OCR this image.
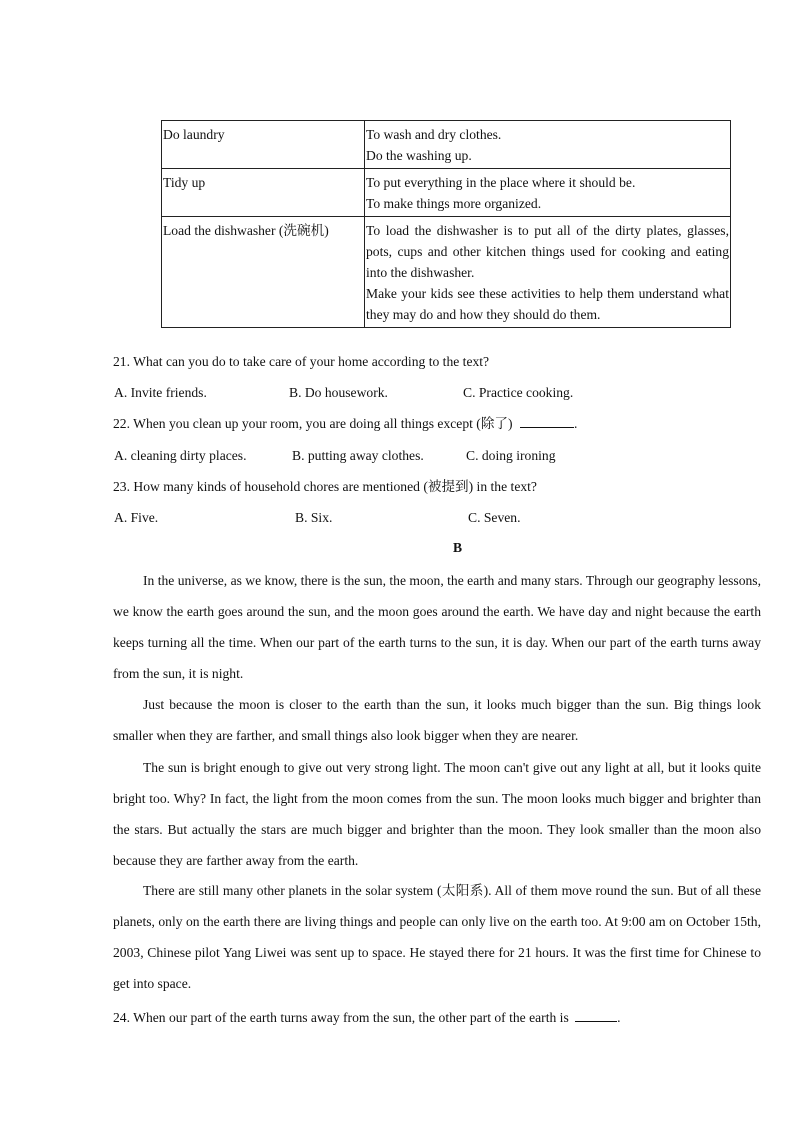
Do laundry	To wash and dry clothes.
Do the washing up.

Tidy up	To put everything in the place where it should be.
To make things more organized.

Load the dishwasher (洗碗机)	To load the dishwasher is to put all of the dirty plates, glasses, pots, cups and other kitchen things used for cooking and eating into the dishwasher.
Make your kids see these activities to help them understand what they may do and how they should do them.
21. What can you do to take care of your home according to the text?
A. Invite friends.	B. Do housework.	C. Practice cooking.
22. When you clean up your room, you are doing all things except (除了)	.
A. cleaning dirty places.	B. putting away clothes.	C. doing ironing
23. How many kinds of household chores are mentioned (被提到) in the text?
A. Five.	B. Six.	C. Seven.
B
In the universe, as we know, there is the sun, the moon, the earth and many stars. Through our geography lessons, we know the earth goes around the sun, and the moon goes around the earth. We have day and night because the earth keeps turning all the time. When our part of the earth turns to the sun, it is day. When our part of the earth turns away from the sun, it is night.
Just because the moon is closer to the earth than the sun, it looks much bigger than the sun. Big things look smaller when they are farther, and small things also look bigger when they are nearer.
The sun is bright enough to give out very strong light. The moon can't give out any light at all, but it looks quite bright too. Why? In fact, the light from the moon comes from the sun. The moon looks much bigger and brighter than the stars. But actually the stars are much bigger and brighter than the moon. They look smaller than the moon also because they are farther away from the earth.
There are still many other planets in the solar system (太阳系). All of them move round the sun. But of all these planets, only on the earth there are living things and people can only live on the earth too. At 9:00 am on October 15th, 2003, Chinese pilot Yang Liwei was sent up to space. He stayed there for 21 hours. It was the first time for Chinese to get into space.
24. When our part of the earth turns away from the sun, the other part of the earth is	.
